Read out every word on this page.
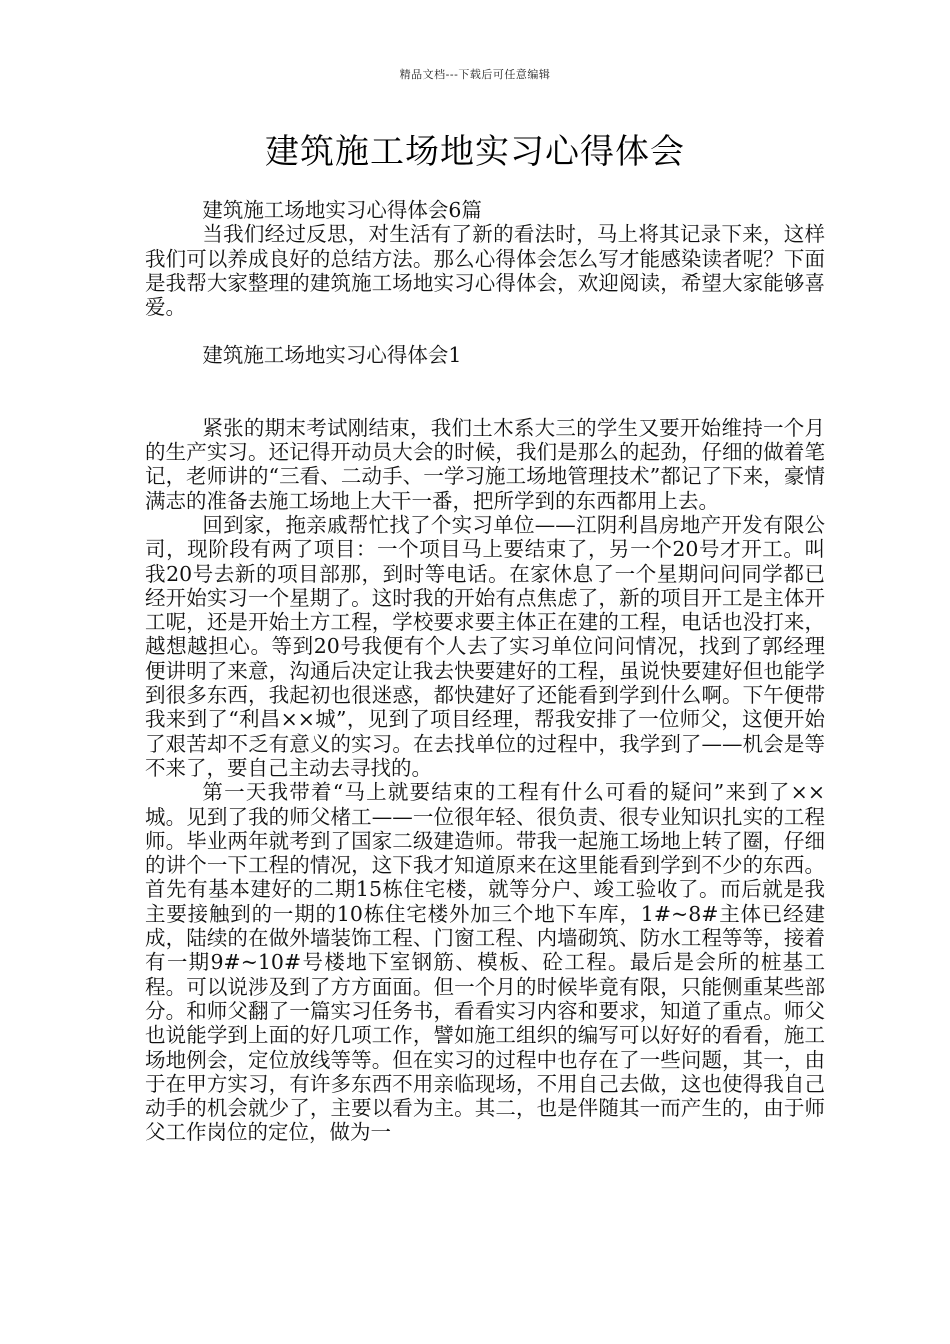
精品文档---下载后可任意编辑
建筑施工场地实习心得体会

建筑施工场地实习心得体会6篇

当我们经过反思，对生活有了新的看法时，马上将其记录下来，这样我们可以养成良好的总结方法。那么心得体会怎么写才能感染读者呢？下面是我帮大家整理的建筑施工场地实习心得体会，欢迎阅读，希望大家能够喜爱。

建筑施工场地实习心得体会1

紧张的期末考试刚结束，我们土木系大三的学生又要开始维持一个月的生产实习。还记得开动员大会的时候，我们是那么的起劲，仔细的做着笔记，老师讲的“三看、二动手、一学习施工场地管理技术”都记了下来，豪情满志的准备去施工场地上大干一番，把所学到的东西都用上去。

回到家，拖亲戚帮忙找了个实习单位——江阴利昌房地产开发有限公司，现阶段有两了项目：一个项目马上要结束了，另一个20号才开工。叫我20号去新的项目部那，到时等电话。在家休息了一个星期问问同学都已经开始实习一个星期了。这时我的开始有点焦虑了，新的项目开工是主体开工呢，还是开始土方工程，学校要求要主体正在建的工程，电话也没打来，越想越担心。等到20号我便有个人去了实习单位问问情况，找到了郭经理便讲明了来意，沟通后决定让我去快要建好的工程，虽说快要建好但也能学到很多东西，我起初也很迷惑，都快建好了还能看到学到什么啊。下午便带我来到了“利昌××城”，见到了项目经理，帮我安排了一位师父，这便开始了艰苦却不乏有意义的实习。在去找单位的过程中，我学到了——机会是等不来了，要自己主动去寻找的。

第一天我带着“马上就要结束的工程有什么可看的疑问”来到了××城。见到了我的师父楮工——一位很年轻、很负责、很专业知识扎实的工程师。毕业两年就考到了国家二级建造师。带我一起施工场地上转了圈，仔细的讲个一下工程的情况，这下我才知道原来在这里能看到学到不少的东西。首先有基本建好的二期15栋住宅楼，就等分户、竣工验收了。而后就是我主要接触到的一期的10栋住宅楼外加三个地下车库，1#~8#主体已经建成，陆续的在做外墙装饰工程、门窗工程、内墙砌筑、防水工程等等，接着有一期9#~10#号楼地下室钢筋、模板、砼工程。最后是会所的桩基工程。可以说涉及到了方方面面。但一个月的时候毕竟有限，只能侧重某些部分。和师父翻了一篇实习任务书，看看实习内容和要求，知道了重点。师父也说能学到上面的好几项工作，譬如施工组织的编写可以好好的看看，施工场地例会，定位放线等等。但在实习的过程中也存在了一些问题，其一，由于在甲方实习，有许多东西不用亲临现场，不用自己去做，这也使得我自己动手的机会就少了，主要以看为主。其二，也是伴随其一而产生的，由于师父工作岗位的定位，做为一
